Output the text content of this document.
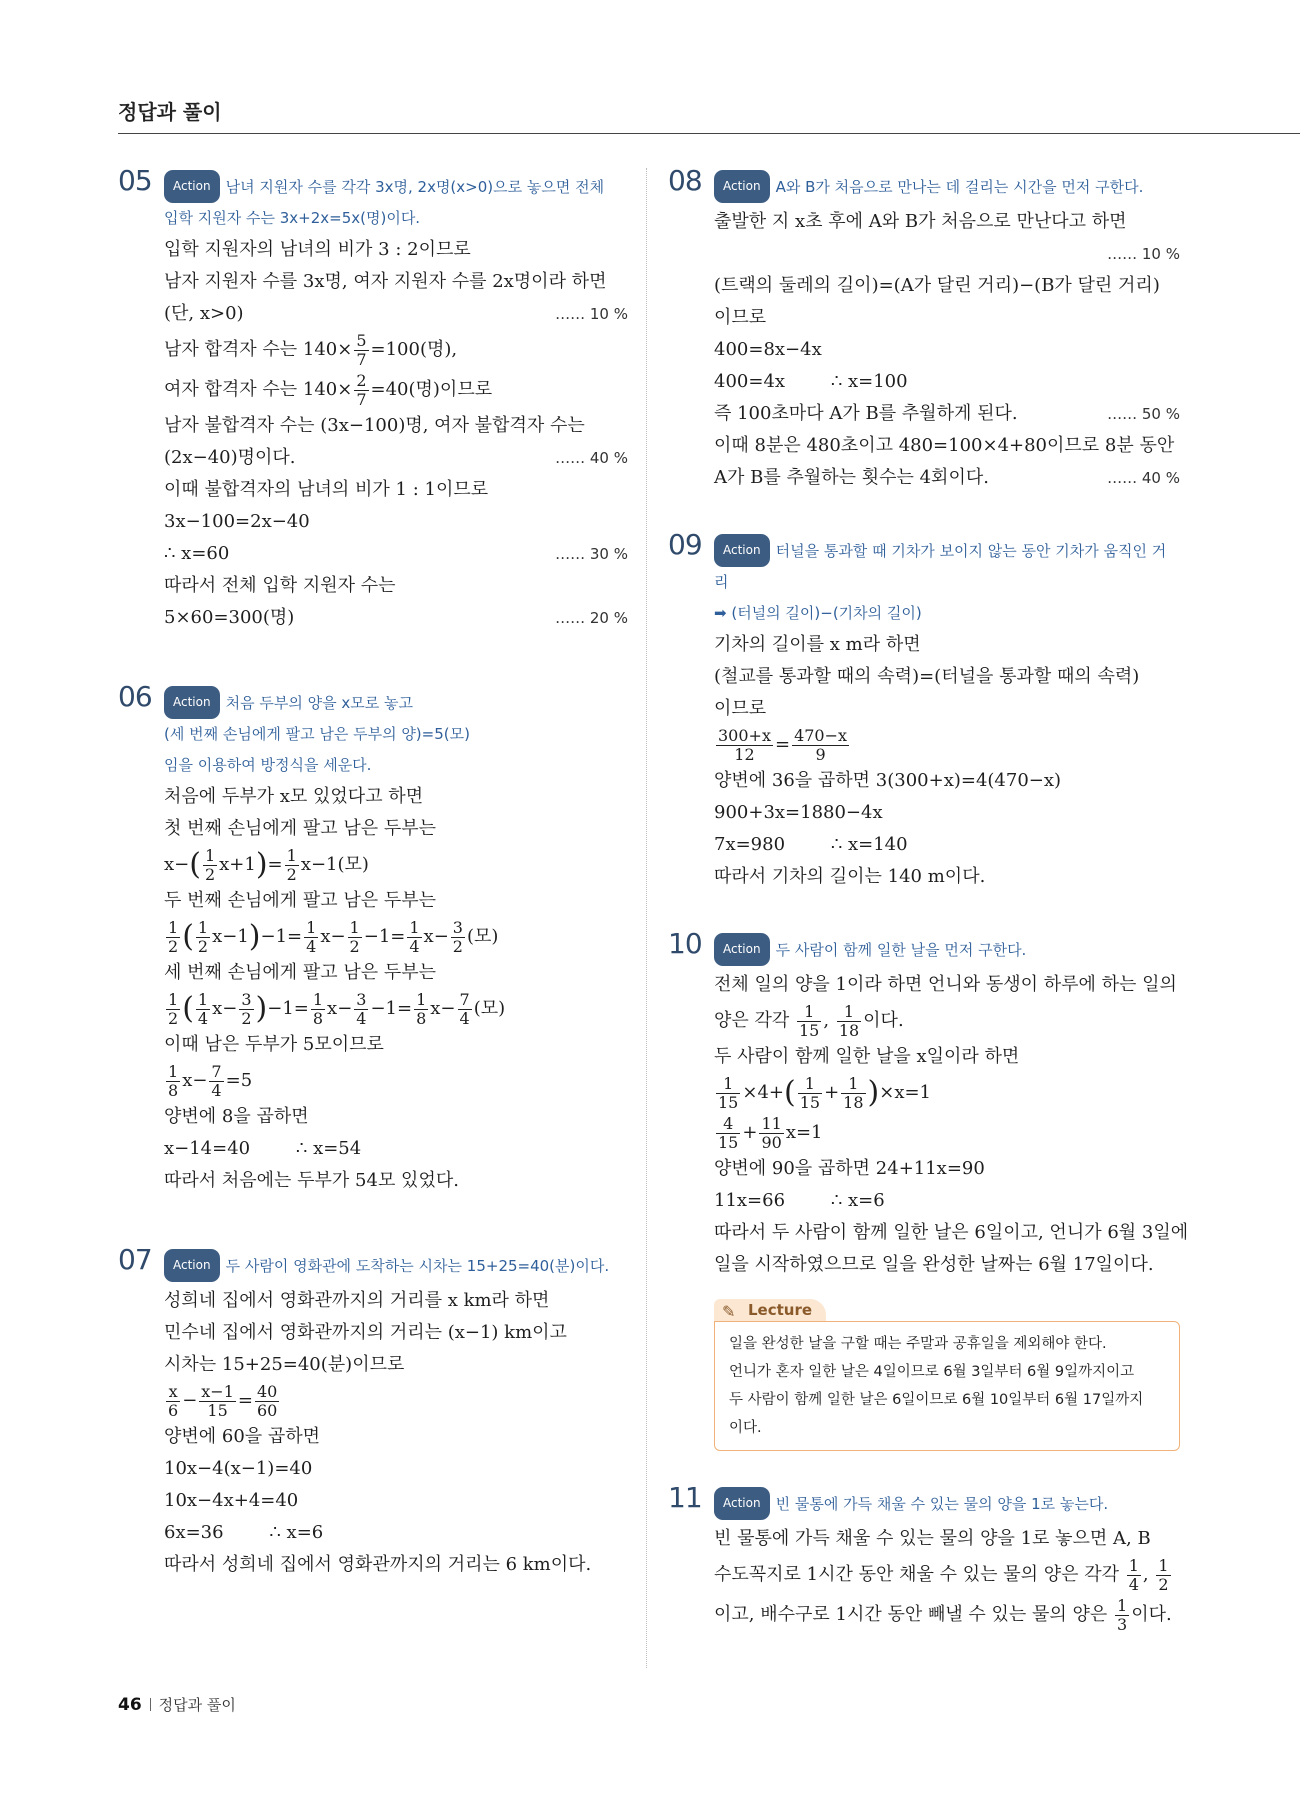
정답과 풀이
05	Action 남녀 지원자 수를 각각 3x명, 2x명(x>0)으로 놓으면 전체
입학 지원자 수는 3x+2x=5x(명)이다.
입학 지원자의 남녀의 비가 3 : 2이므로
남자 지원자 수를 3x명, 여자 지원자 수를 2x명이라 하면
(단, x>0)	…… 10 %
남자 합격자 수는 $140\times \frac{5}{7} =100$(명),
여자 합격자 수는 $140\times \frac{2}{7} =40$(명)이므로
남자 불합격자 수는 (3x−100)명, 여자 불합격자 수는
(2x−40)명이다.	…… 40 %
이때 불합격자의 남녀의 비가 1 : 1이므로
3x−100=2x−40
∴ x=60	…… 30 %
따라서 전체 입학 지원자 수는
5×60=300(명)	…… 20 %
06	Action 처음 두부의 양을 x모로 놓고
(세 번째 손님에게 팔고 남은 두부의 양)=5(모)
임을 이용하여 방정식을 세운다.
처음에 두부가 x모 있었다고 하면
첫 번째 손님에게 팔고 남은 두부는
$x-( \frac{1}{2} x+1)= \frac{1}{2} x-1$(모)
두 번째 손님에게 팔고 남은 두부는
$\frac{1}{2}$ ( $\frac{1}{2} x-1)-1= \frac{1}{4} x- \frac{1}{2} -1= \frac{1}{4} x- \frac{3}{2}$ (모)
세 번째 손님에게 팔고 남은 두부는
$\frac{1}{2}$ ( $\frac{1}{4} x- \frac{3}{2} )-1= \frac{1}{8} x- \frac{3}{4} -1= \frac{1}{8} x- \frac{7}{4}$ (모)
이때 남은 두부가 5모이므로
$\frac{1}{8} x- \frac{7}{4} =5$
양변에 8을 곱하면
x−14=40        ∴ x=54
따라서 처음에는 두부가 54모 있었다.
07	Action 두 사람이 영화관에 도착하는 시차는 15+25=40(분)이다.
성희네 집에서 영화관까지의 거리를 x km라 하면
민수네 집에서 영화관까지의 거리는 (x−1) km이고
시차는 15+25=40(분)이므로
$\frac{x}{6} - \frac{x-1}{15} = \frac{40}{60}$
양변에 60을 곱하면
10x−4(x−1)=40
10x−4x+4=40
6x=36        ∴ x=6
따라서 성희네 집에서 영화관까지의 거리는 6 km이다.
08	Action A와 B가 처음으로 만나는 데 걸리는 시간을 먼저 구한다.
출발한 지 x초 후에 A와 B가 처음으로 만난다고 하면
…… 10 %
(트랙의 둘레의 길이)=(A가 달린 거리)−(B가 달린 거리)
이므로
400=8x−4x
400=4x        ∴ x=100
즉 100초마다 A가 B를 추월하게 된다.	…… 50 %
이때 8분은 480초이고 480=100×4+80이므로 8분 동안
A가 B를 추월하는 횟수는 4회이다.	…… 40 %
09	Action 터널을 통과할 때 기차가 보이지 않는 동안 기차가 움직인 거리
➡ (터널의 길이)−(기차의 길이)
기차의 길이를 x m라 하면
(철교를 통과할 때의 속력)=(터널을 통과할 때의 속력)
이므로
$\frac{300+x}{12} = \frac{470-x}{9}$
양변에 36을 곱하면 3(300+x)=4(470−x)
900+3x=1880−4x
7x=980        ∴ x=140
따라서 기차의 길이는 140 m이다.
10	Action 두 사람이 함께 일한 날을 먼저 구한다.
전체 일의 양을 1이라 하면 언니와 동생이 하루에 하는 일의
양은 각각 $\frac{1}{15}$ , $\frac{1}{18}$ 이다.
두 사람이 함께 일한 날을 x일이라 하면
$\frac{1}{15} \times 4+( \frac{1}{15} + \frac{1}{18} )\times x=1$
$\frac{4}{15} + \frac{11}{90} x=1$
양변에 90을 곱하면 24+11x=90
11x=66        ∴ x=6
따라서 두 사람이 함께 일한 날은 6일이고, 언니가 6월 3일에
일을 시작하였으므로 일을 완성한 날짜는 6월 17일이다.
✎ Lecture
일을 완성한 날을 구할 때는 주말과 공휴일을 제외해야 한다.
언니가 혼자 일한 날은 4일이므로 6월 3일부터 6월 9일까지이고
두 사람이 함께 일한 날은 6일이므로 6월 10일부터 6월 17일까지
이다.
11	Action 빈 물통에 가득 채울 수 있는 물의 양을 1로 놓는다.
빈 물통에 가득 채울 수 있는 물의 양을 1로 놓으면 A, B
수도꼭지로 1시간 동안 채울 수 있는 물의 양은 각각 $\frac{1}{4}$ , $\frac{1}{2}$
이고, 배수구로 1시간 동안 빼낼 수 있는 물의 양은 $\frac{1}{3}$ 이다.
46 정답과 풀이
